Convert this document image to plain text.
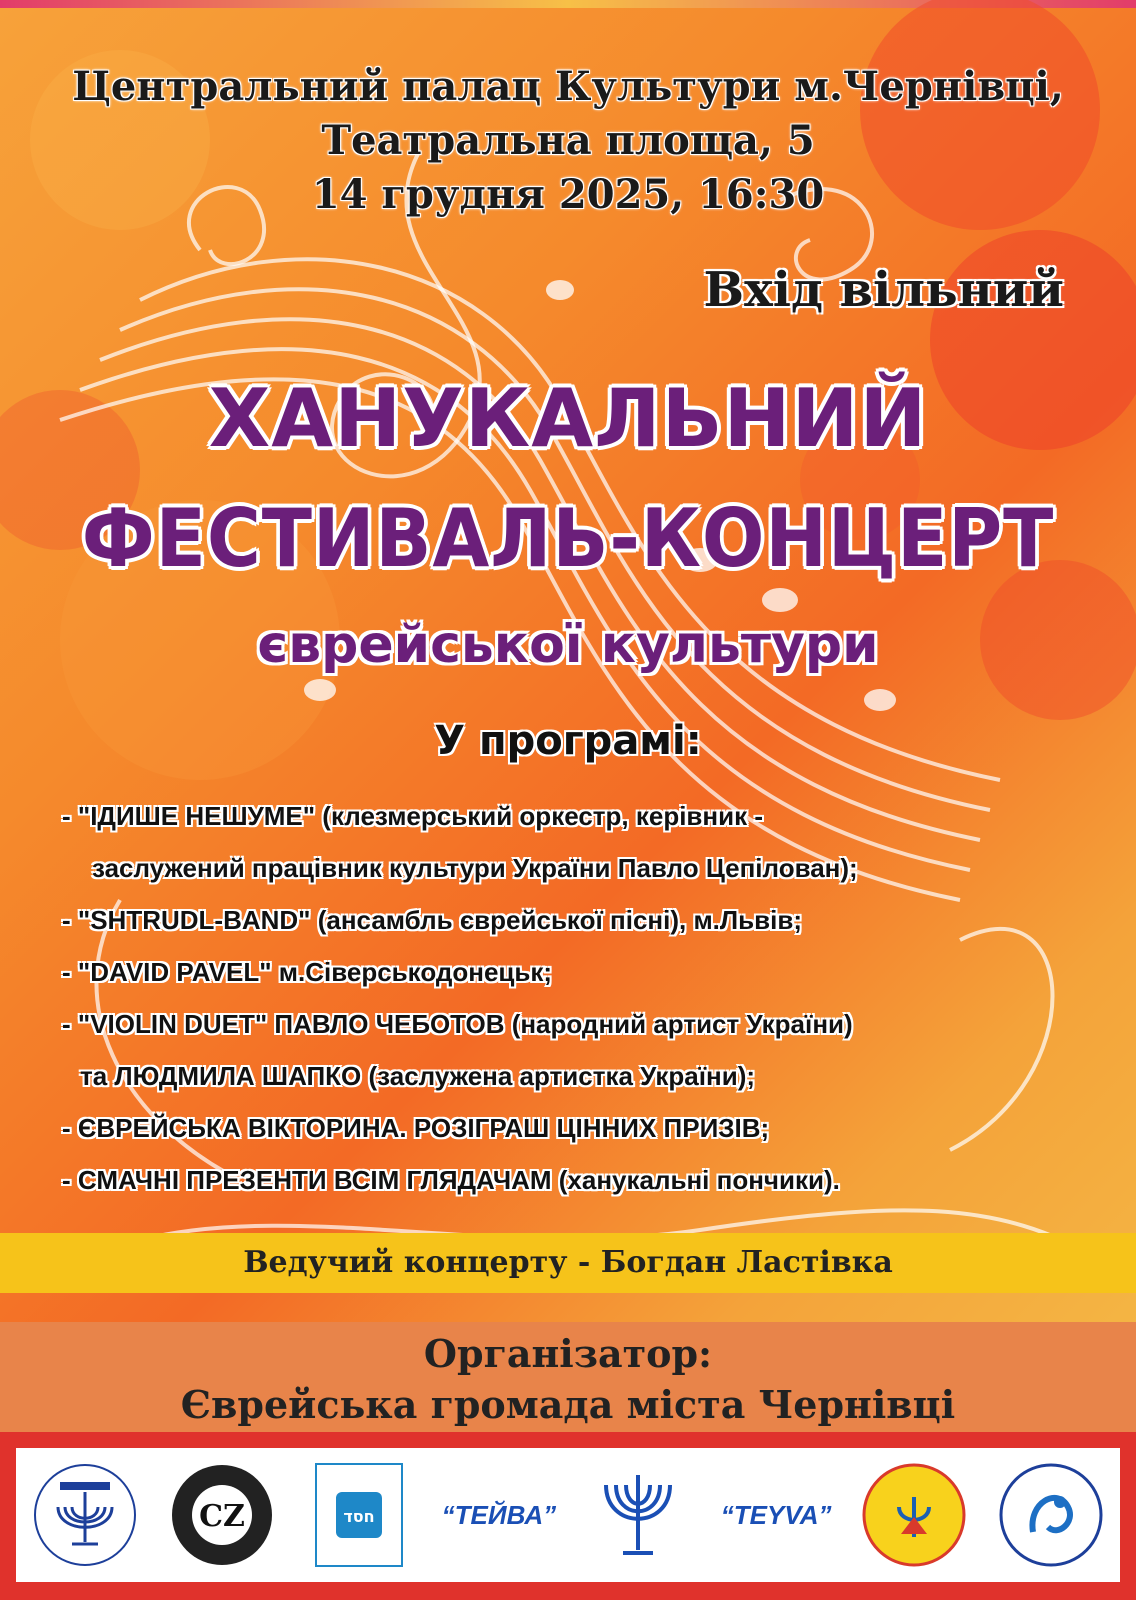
Центральний палац Культури м.Чернівці,
Театральна площа, 5
14 грудня 2025, 16:30
Вхід вільний
ХАНУКАЛЬНИЙ
ФЕСТИВАЛЬ-КОНЦЕРТ
єврейської культури
У програмі:
- "ІДИШЕ НЕШУМЕ" (клезмерський оркестр, керівник -
заслужений працівник культури України Павло Цепілован);
- "SHTRUDL-BAND" (ансамбль єврейської пісні), м.Львів;
- "DAVID PAVEL" м.Сіверськодонецьк;
- "VIOLIN DUET" ПАВЛО ЧЕБОТОВ (народний артист України)
та ЛЮДМИЛА ШАПКО (заслужена артистка України);
- ЄВРЕЙСЬКА ВІКТОРИНА. РОЗІГРАШ ЦІННИХ ПРИЗІВ;
- СМАЧНІ ПРЕЗЕНТИ ВСІМ ГЛЯДАЧАМ (ханукальні пончики).
Ведучий концерту - Богдан Ластівка
Організатор:
Єврейська громада міста Чернівці
CZ	חסד	“ТЕЙВА”	“TEYVA”
